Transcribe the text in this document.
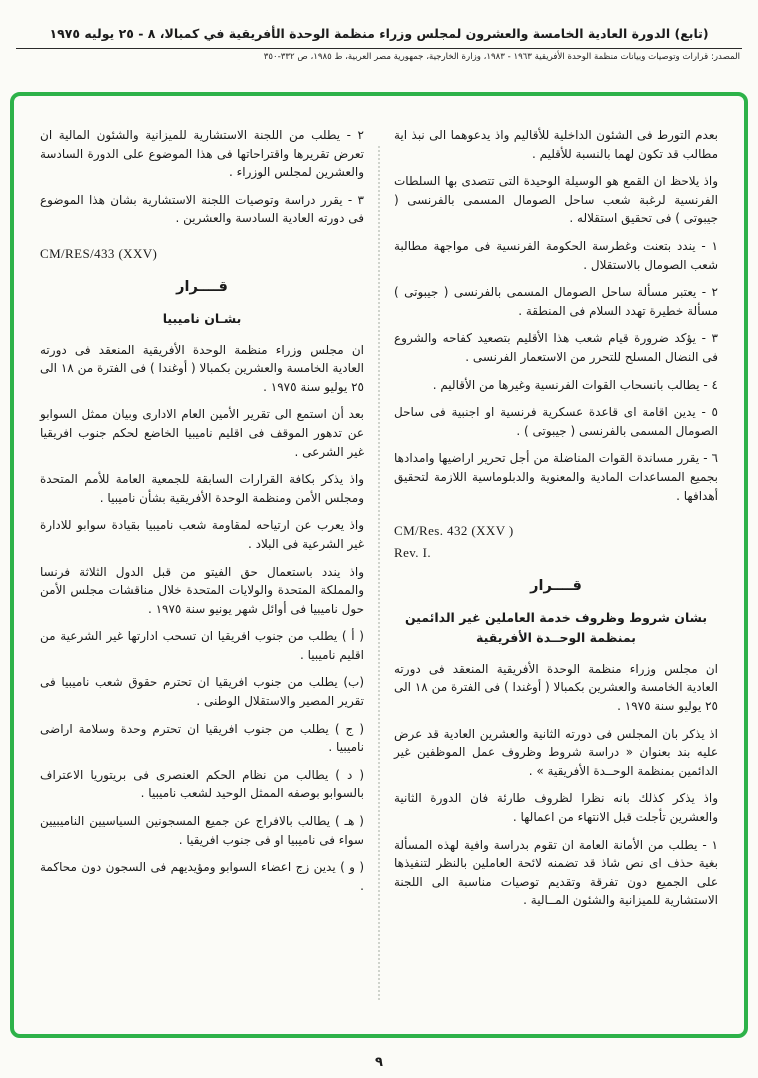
(تابع) الدورة العادية الخامسة والعشرون لمجلس وزراء منظمة الوحدة الأفريقية في كمبالا، ٨ - ٢٥ يوليه ١٩٧٥
المصدر: قرارات وتوصيات وبيانات منظمة الوحدة الأفريقية ١٩٦٣ - ١٩٨٣، وزارة الخارجية، جمهورية مصر العربية، ط ١٩٨٥، ص ٣٣٢-٣٥٠

بعدم التورط فى الشئون الداخلية للأقاليم واذ يدعوهما الى نبذ اية مطالب قد تكون لهما بالنسبة للأقليم .

واذ يلاحظ ان القمع هو الوسيلة الوحيدة التى تتصدى بها السلطات الفرنسية لرغبة شعب ساحل الصومال المسمى بالفرنسى ( جيبوتى ) فى تحقيق استقلاله .

١ - يندد بتعنت وغطرسة الحكومة الفرنسية فى مواجهة مطالبة شعب الصومال بالاستقلال .

٢ - يعتبر مسألة ساحل الصومال المسمى بالفرنسى ( جيبوتى ) مسألة خطيرة تهدد السلام فى المنطقة .

٣ - يؤكد ضرورة قيام شعب هذا الأقليم بتصعيد كفاحه والشروع فى النضال المسلح للتحرر من الاستعمار الفرنسى .

٤ - يطالب بانسحاب القوات الفرنسية وغيرها من الأقاليم .

٥ - يدين اقامة اى قاعدة عسكرية فرنسية او اجنبية فى ساحل الصومال المسمى بالفرنسى ( جيبوتى ) .

٦ - يقرر مساندة القوات المناضلة من أجل تحرير اراضيها وامدادها بجميع المساعدات المادية والمعنوية والدبلوماسية اللازمة لتحقيق أهدافها .

CM/Res. 432 (XXV )

Rev. I.

قــــرار

بشان شروط وظروف خدمة العاملين غير الدائمين بمنظمة الوحــدة الأفريقية

ان مجلس وزراء منظمة الوحدة الأفريقية المنعقد فى دورته العادية الخامسة والعشرين بكمبالا ( أوغندا ) فى الفترة من ١٨ الى ٢٥ يوليو سنة ١٩٧٥ .

اذ يذكر بان المجلس فى دورته الثانية والعشرين العادية قد عرض عليه بند بعنوان « دراسة شروط وظروف عمل الموظفين غير الدائمين بمنظمة الوحــدة الأفريقية » .

واذ يذكر كذلك بانه نظرا لظروف طارئة فان الدورة الثانية والعشرين تأجلت قبل الانتهاء من اعمالها .

١ - يطلب من الأمانة العامة ان تقوم بدراسة وافية لهذه المسألة بغية حذف اى نص شاذ قد تضمنه لائحة العاملين بالنظر لتنفيذها على الجميع دون تفرقة وتقديم توصيات مناسبة الى اللجنة الاستشارية للميزانية والشئون المــالية .

٢ - يطلب من اللجنة الاستشارية للميزانية والشئون المالية ان تعرض تقريرها واقتراحاتها فى هذا الموضوع على الدورة السادسة والعشرين لمجلس الوزراء .

٣ - يقرر دراسة وتوصيات اللجنة الاستشارية بشان هذا الموضوع فى دورته العادية السادسة والعشرين .

CM/RES/433 (XXV)

قــــرار

بشـان ناميبيا

ان مجلس وزراء منظمة الوحدة الأفريقية المنعقد فى دورته العادية الخامسة والعشرين بكمبالا ( أوغندا ) فى الفترة من ١٨ الى ٢٥ يوليو سنة ١٩٧٥ .

بعد أن استمع الى تقرير الأمين العام الادارى وبيان ممثل السوابو عن تدهور الموقف فى اقليم ناميبيا الخاضع لحكم جنوب افريقيا غير الشرعى .

واذ يذكر بكافة القرارات السابقة للجمعية العامة للأمم المتحدة ومجلس الأمن ومنظمة الوحدة الأفريقية بشأن ناميبيا .

واذ يعرب عن ارتياحه لمقاومة شعب ناميبيا بقيادة سوابو للادارة غير الشرعية فى البلاد .

واذ يندد باستعمال حق الفيتو من قبل الدول الثلاثة فرنسا والمملكة المتحدة والولايات المتحدة خلال مناقشات مجلس الأمن حول ناميبيا فى أوائل شهر يونيو سنة ١٩٧٥ .

( أ ) يطلب من جنوب افريقيا ان تسحب ادارتها غير الشرعية من اقليم ناميبيا .

(ب) يطلب من جنوب افريقيا ان تحترم حقوق شعب ناميبيا فى تقرير المصير والاستقلال الوطنى .

( ج ) يطلب من جنوب افريقيا ان تحترم وحدة وسلامة اراضى ناميبيا .

( د ) يطالب من نظام الحكم العنصرى فى بريتوريا الاعتراف بالسوابو بوصفه الممثل الوحيد لشعب ناميبيا .

( هـ ) يطالب بالافراج عن جميع المسجونين السياسيين الناميبيين سواء فى ناميبيا او فى جنوب افريقيا .

( و ) يدين زج اعضاء السوابو ومؤيديهم فى السجون دون محاكمة .

٩
